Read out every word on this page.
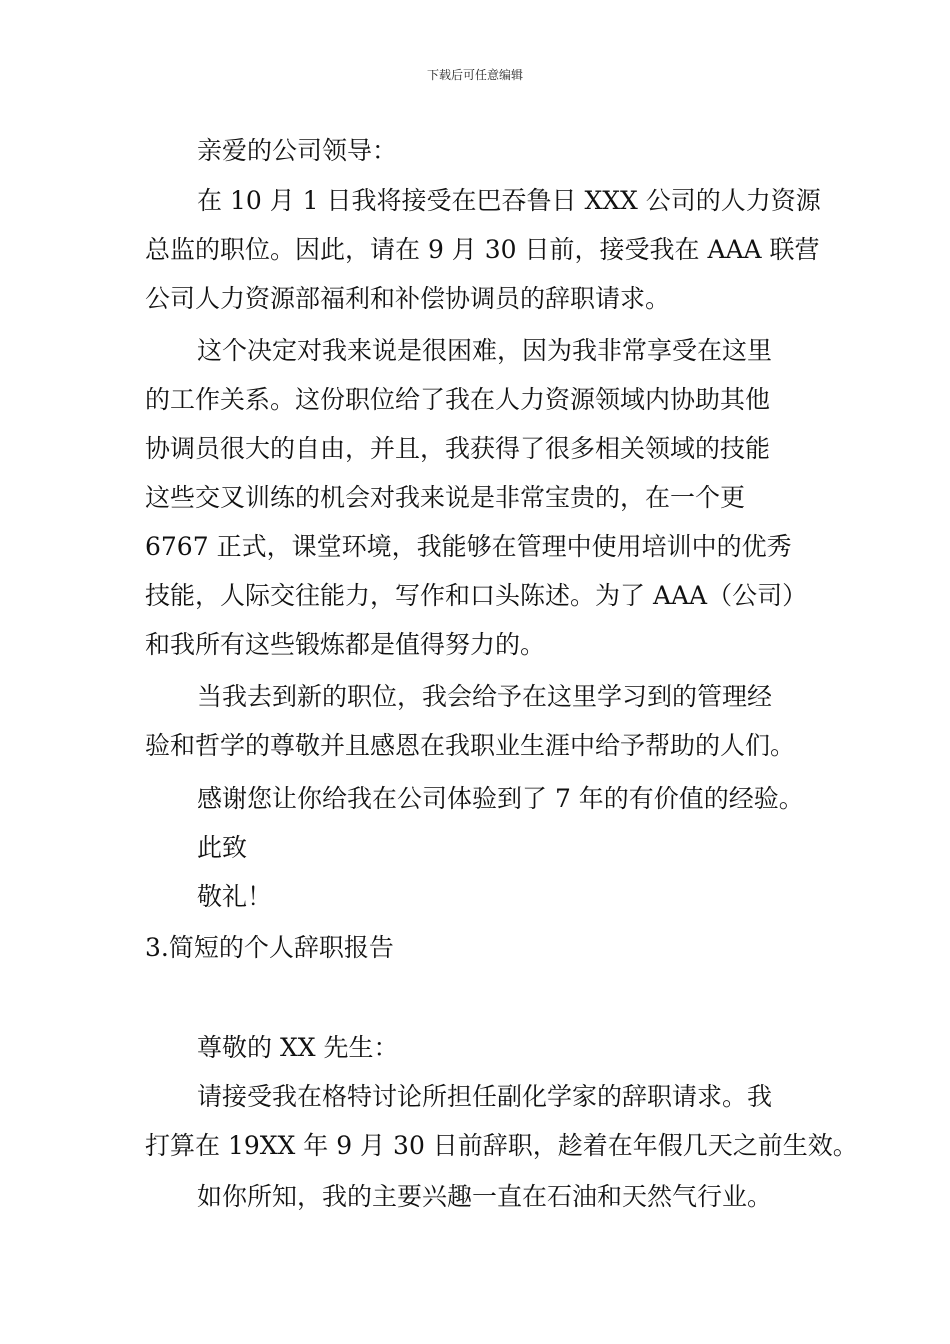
下载后可任意编辑
亲爱的公司领导：
在 10 月 1 日我将接受在巴吞鲁日 XXX 公司的人力资源
总监的职位。因此，请在 9 月 30 日前，接受我在 AAA 联营
公司人力资源部福利和补偿协调员的辞职请求。
这个决定对我来说是很困难，因为我非常享受在这里
的工作关系。这份职位给了我在人力资源领域内协助其他
协调员很大的自由，并且，我获得了很多相关领域的技能
这些交叉训练的机会对我来说是非常宝贵的，在一个更
6767 正式，课堂环境，我能够在管理中使用培训中的优秀
技能，人际交往能力，写作和口头陈述。为了 AAA（公司）
和我所有这些锻炼都是值得努力的。
当我去到新的职位，我会给予在这里学习到的管理经
验和哲学的尊敬并且感恩在我职业生涯中给予帮助的人们。
感谢您让你给我在公司体验到了 7 年的有价值的经验。
此致
敬礼！
3.简短的个人辞职报告
尊敬的 XX 先生：
请接受我在格特讨论所担任副化学家的辞职请求。我
打算在 19XX 年 9 月 30 日前辞职，趁着在年假几天之前生效。
如你所知，我的主要兴趣一直在石油和天然气行业。
